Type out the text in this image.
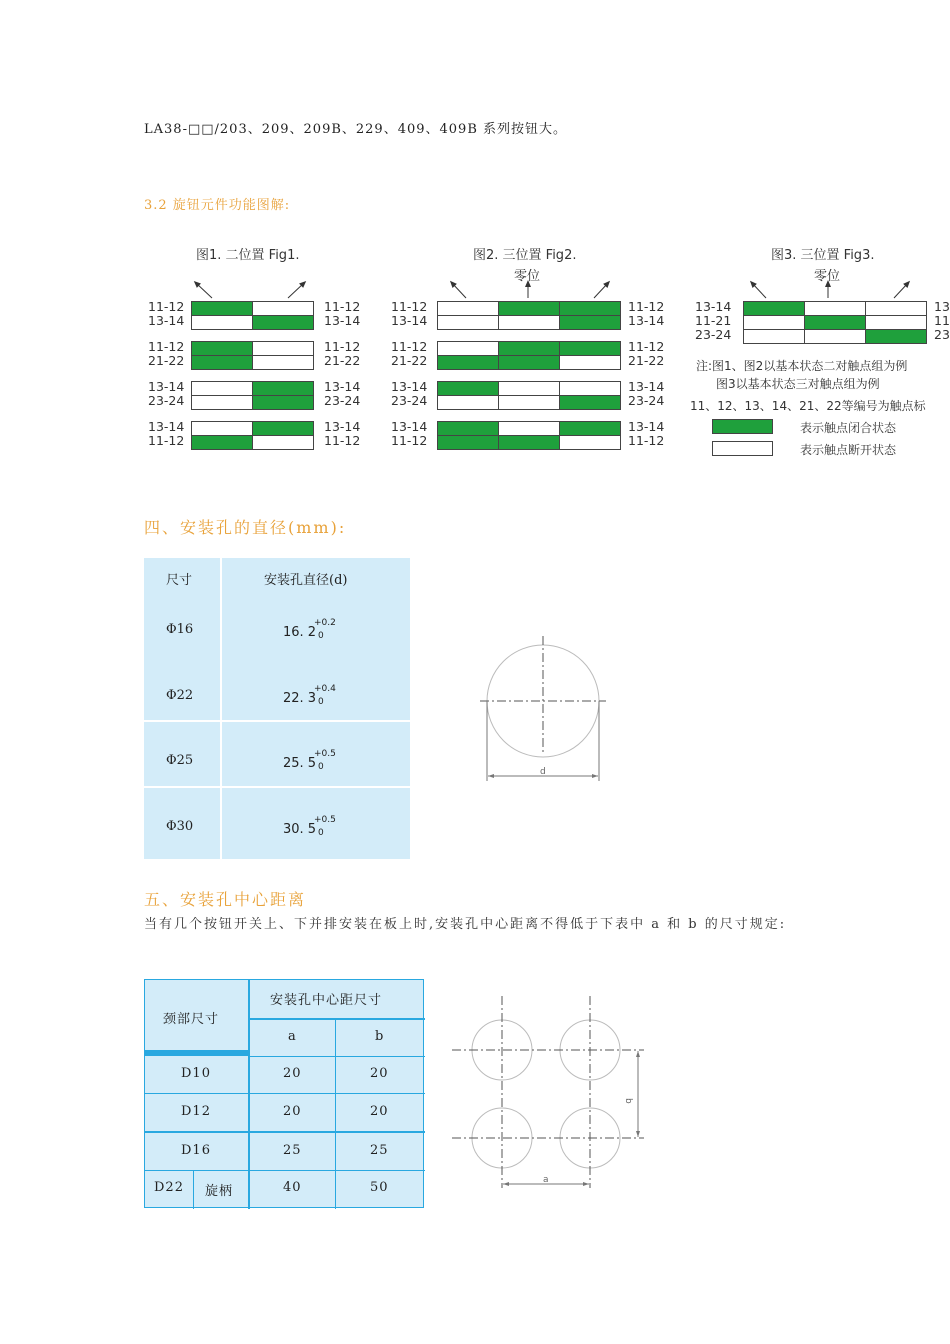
LA38-□□/203、209、209B、229、409、409B 系列按钮大。
3.2 旋钮元件功能图解:
图1. 二位置 Fig1.	图2. 三位置 Fig2.
零位
图3. 三位置 Fig3.
零位
11-12	11-12
13-14	13-14
11-12	11-12
21-22	21-22
13-14	13-14
23-24	23-24
13-14	13-14
11-12	11-12
11-12	11-12
13-14	13-14
11-12	11-12
21-22	21-22
13-14	13-14
23-24	23-24
13-14	13-14
11-12	11-12
13-14	13
11-21	11
23-24	23
注:图1、图2以基本状态二对触点组为例
图3以基本状态三对触点组为例
11、12、13、14、21、22等编号为触点标
表示触点闭合状态
表示触点断开状态
四、安装孔的直径(mm):
尺寸	安装孔直径(d)
Φ16	16. 2
+0.2
0
Φ22	22. 3
+0.4
0
Φ25	25. 5
+0.5
0
Φ30	30. 5
+0.5
0
d
五、安装孔中心距离
当有几个按钮开关上、下并排安装在板上时,安装孔中心距离不得低于下表中 a 和 b 的尺寸规定:
颈部尺寸
安装孔中心距尺寸
a	b
D10	20	20
D12	20	20
D16	25	25
D22 旋柄	40	50
b
a
